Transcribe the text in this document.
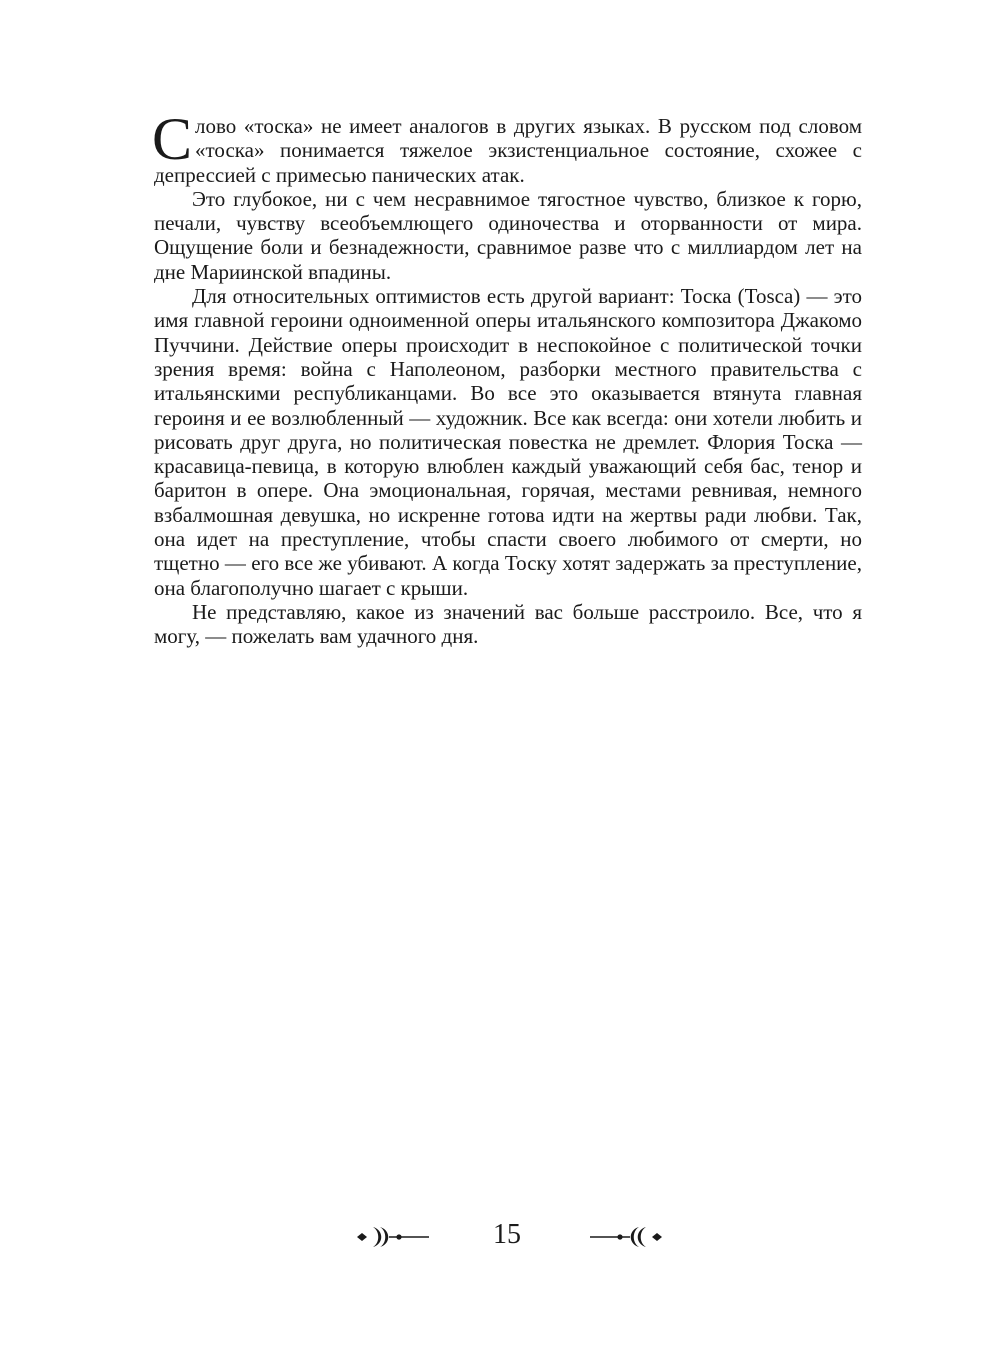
Слово «тоска» не имеет аналогов в других языках. В русском под словом «тоска» понимается тяжелое экзистенциальное состояние, схожее с депрессией с примесью панических атак.

Это глубокое, ни с чем несравнимое тягостное чувство, близкое к горю, печали, чувству всеобъемлющего одиночества и оторванности от мира. Ощущение боли и безнадежности, сравнимое разве что с миллиардом лет на дне Мариинской впадины.

Для относительных оптимистов есть другой вариант: Тоска (Tosca) — это имя главной героини одноименной оперы итальянского композитора Джакомо Пуччини. Действие оперы происходит в неспокойное с политической точки зрения время: война с Наполеоном, разборки местного правительства с итальянскими республиканцами. Во все это оказывается втянута главная героиня и ее возлюбленный — художник. Все как всегда: они хотели любить и рисовать друг друга, но политическая повестка не дремлет. Флория Тоска — красавица-певица, в которую влюблен каждый уважающий себя бас, тенор и баритон в опере. Она эмоциональная, горячая, местами ревнивая, немного взбалмошная девушка, но искренне готова идти на жертвы ради любви. Так, она идет на преступление, чтобы спасти своего любимого от смерти, но тщетно — его все же убивают. А когда Тоску хотят задержать за преступление, она благополучно шагает с крыши.

Не представляю, какое из значений вас больше расстроило. Все, что я могу, — пожелать вам удачного дня.

15
